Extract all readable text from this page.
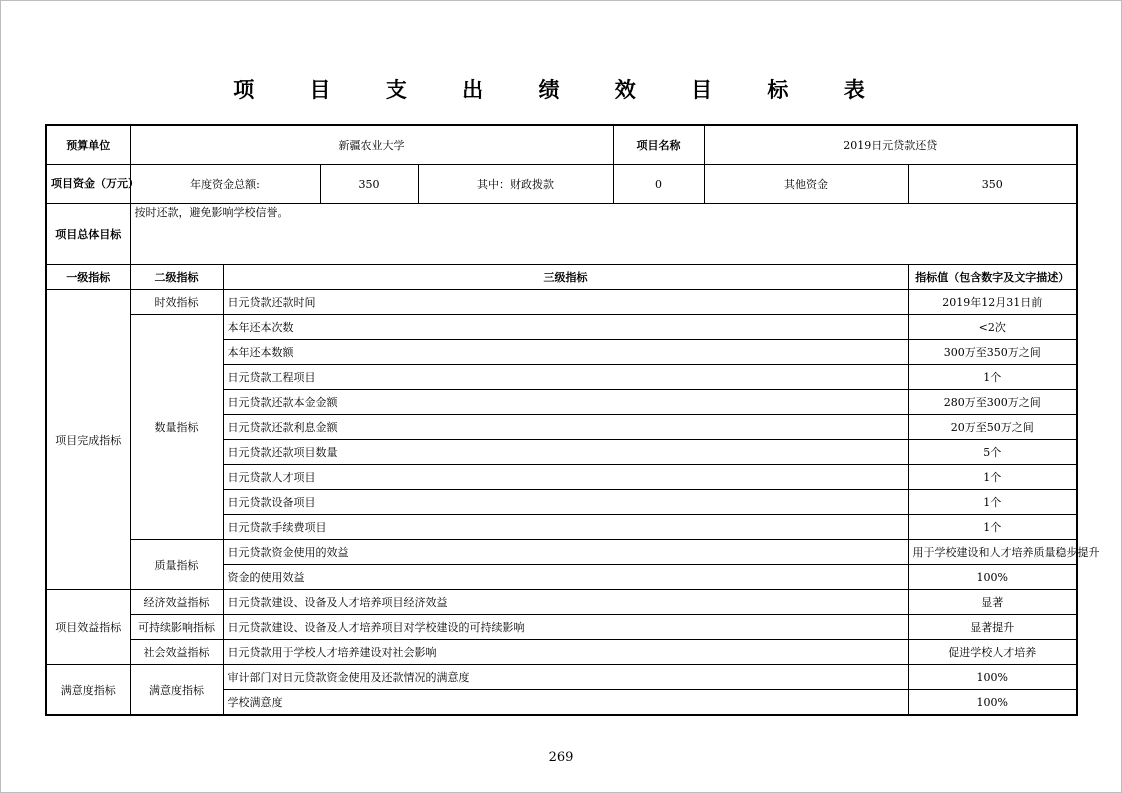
项 目 支 出 绩 效 目 标 表
预算单位	新疆农业大学				项目名称	2019日元贷款还贷	
项目资金（万元）	年度资金总额:		350	其中：财政拨款	0	其他资金	350
项目总体目标	按时还款，避免影响学校信誉。						
一级指标	二级指标	三级指标					指标值（包含数字及文字描述）
项目完成指标	时效指标	日元贷款还款时间					2019年12月31日前
	数量指标	本年还本次数					<2次
		本年还本数额					300万至350万之间
		日元贷款工程项目					1个
		日元贷款还款本金金额					280万至300万之间
		日元贷款还款利息金额					20万至50万之间
		日元贷款还款项目数量					5个
		日元贷款人才项目					1个
		日元贷款设备项目					1个
		日元贷款手续费项目					1个
	质量指标	日元贷款资金使用的效益					用于学校建设和人才培养质量稳步提升
		资金的使用效益					100%
项目效益指标	经济效益指标	日元贷款建设、设备及人才培养项目经济效益					显著
	可持续影响指标	日元贷款建设、设备及人才培养项目对学校建设的可持续影响					显著提升
	社会效益指标	日元贷款用于学校人才培养建设对社会影响					促进学校人才培养
满意度指标	满意度指标	审计部门对日元贷款资金使用及还款情况的满意度					100%
		学校满意度					100%
269
